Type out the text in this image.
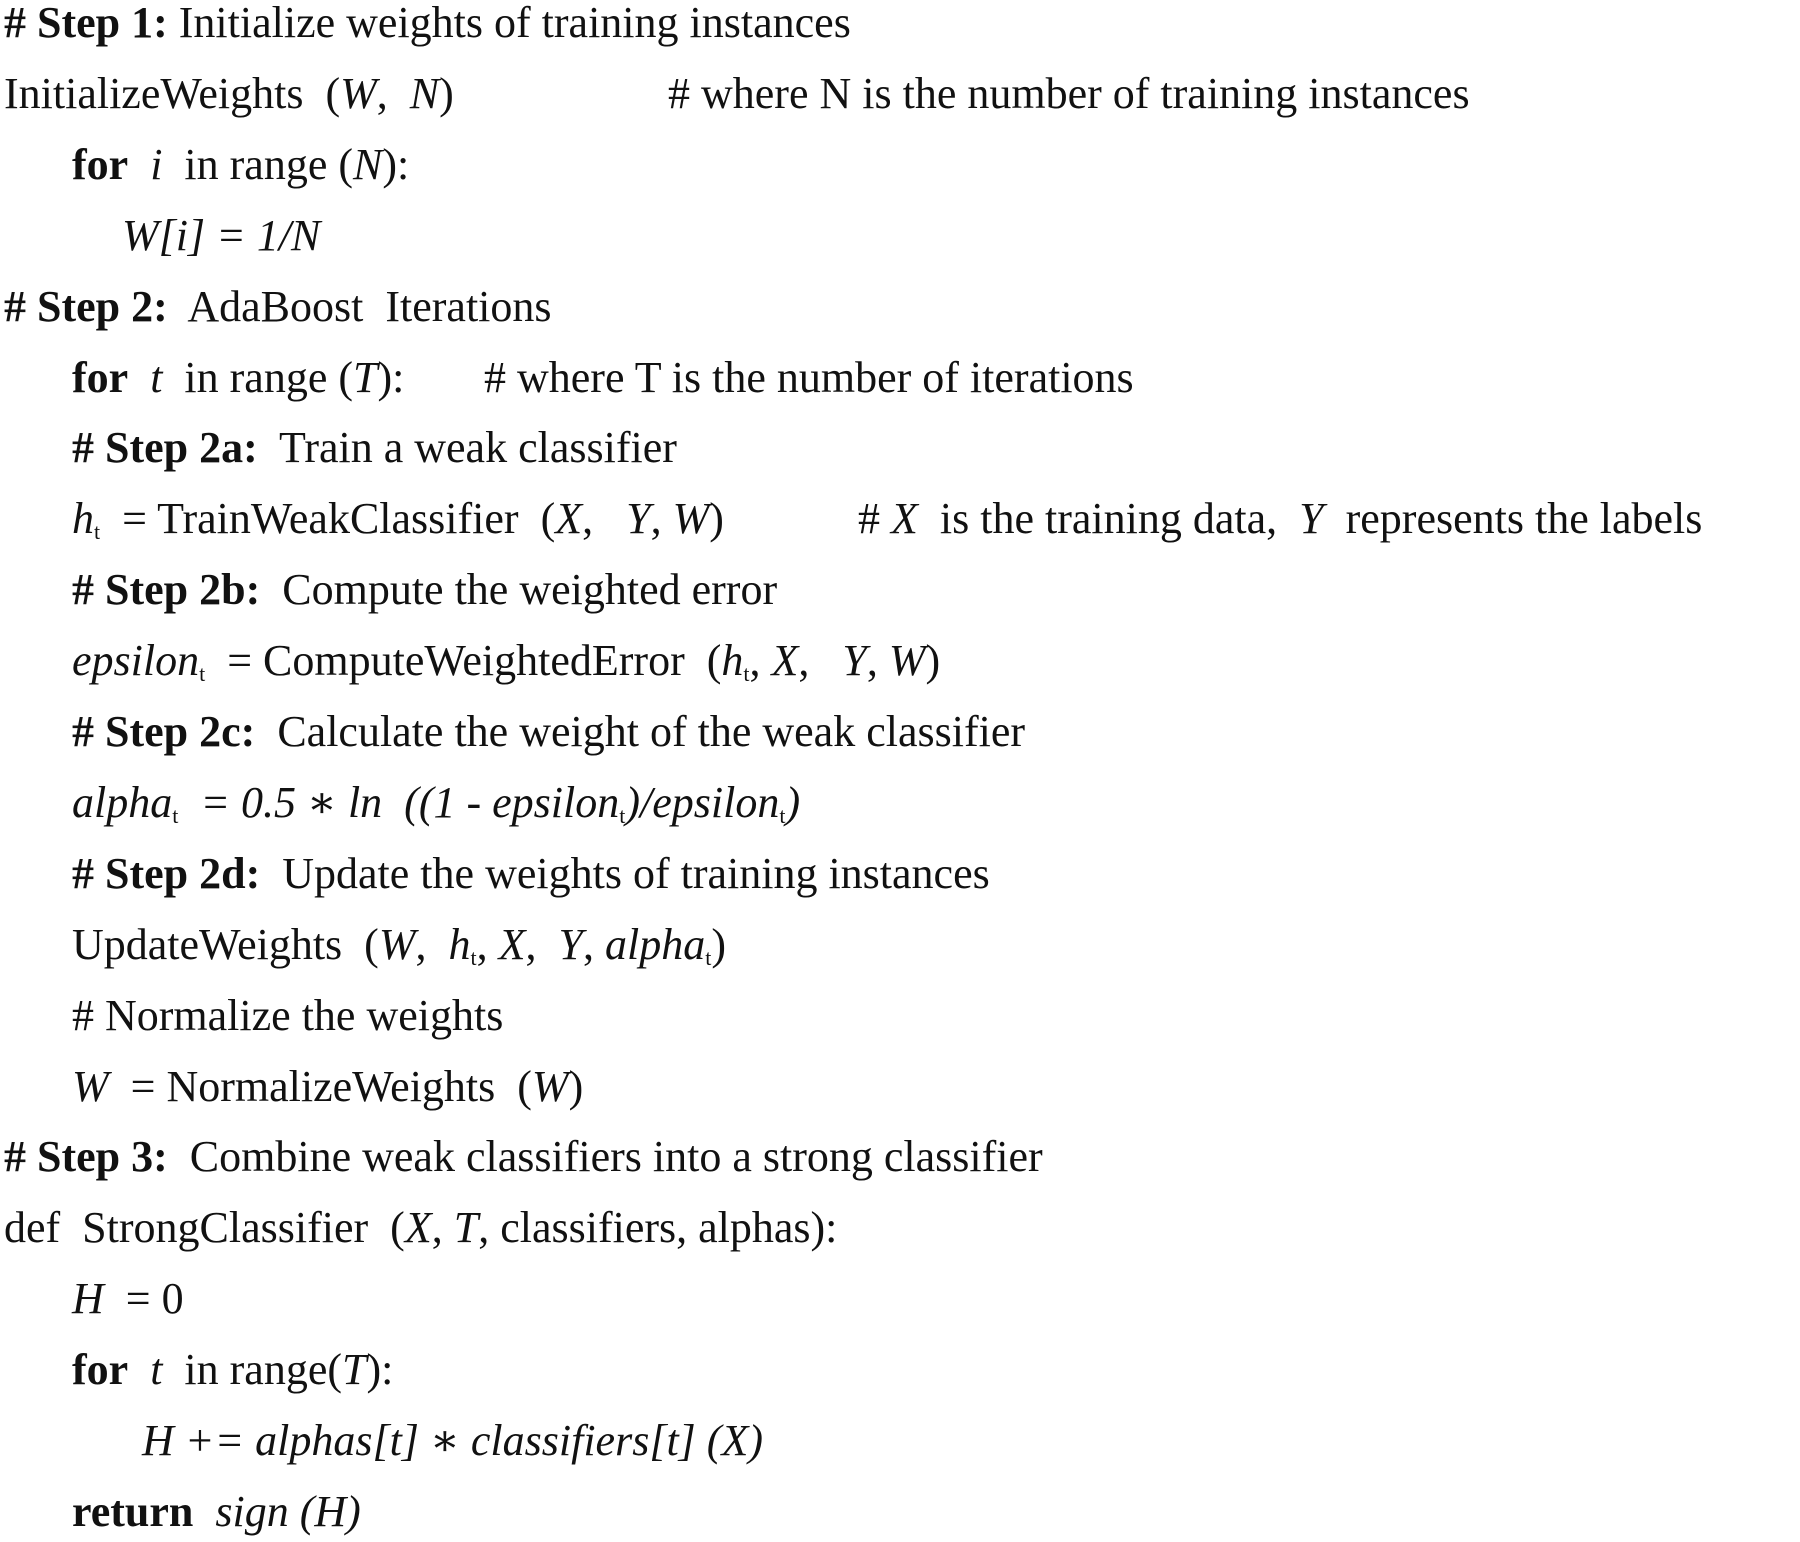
# Step 1: Initialize weights of training instances
InitializeWeights  (W,  N)	# where N is the number of training instances
for i  in range (N):
W[i] = 1/N
# Step 2:  AdaBoost  Iterations
for t  in range (T): # where T is the number of iterations
# Step 2a:  Train a weak classifier
$h_t$  = TrainWeakClassifier  (X,   Y, W)	# X  is the training data,  Y  represents the labels
# Step 2b:  Compute the weighted error
epsilon$_t$  = ComputeWeightedError  ($h_t$, X,   Y, W)
# Step 2c:  Calculate the weight of the weak classifier
alpha$_t$  = 0.5 ∗ ln  ((1 - epsilon$_t$)/epsilon$_t$)
# Step 2d:  Update the weights of training instances
UpdateWeights  (W,  $h_t$, X,  Y, alpha$_t$)
# Normalize the weights
W  = NormalizeWeights  (W)
# Step 3:  Combine weak classifiers into a strong classifier
def  StrongClassifier  (X, T, classifiers, alphas):
H  = 0
for t  in range(T):
H += alphas[t] ∗ classifiers[t] (X)
return sign (H)
